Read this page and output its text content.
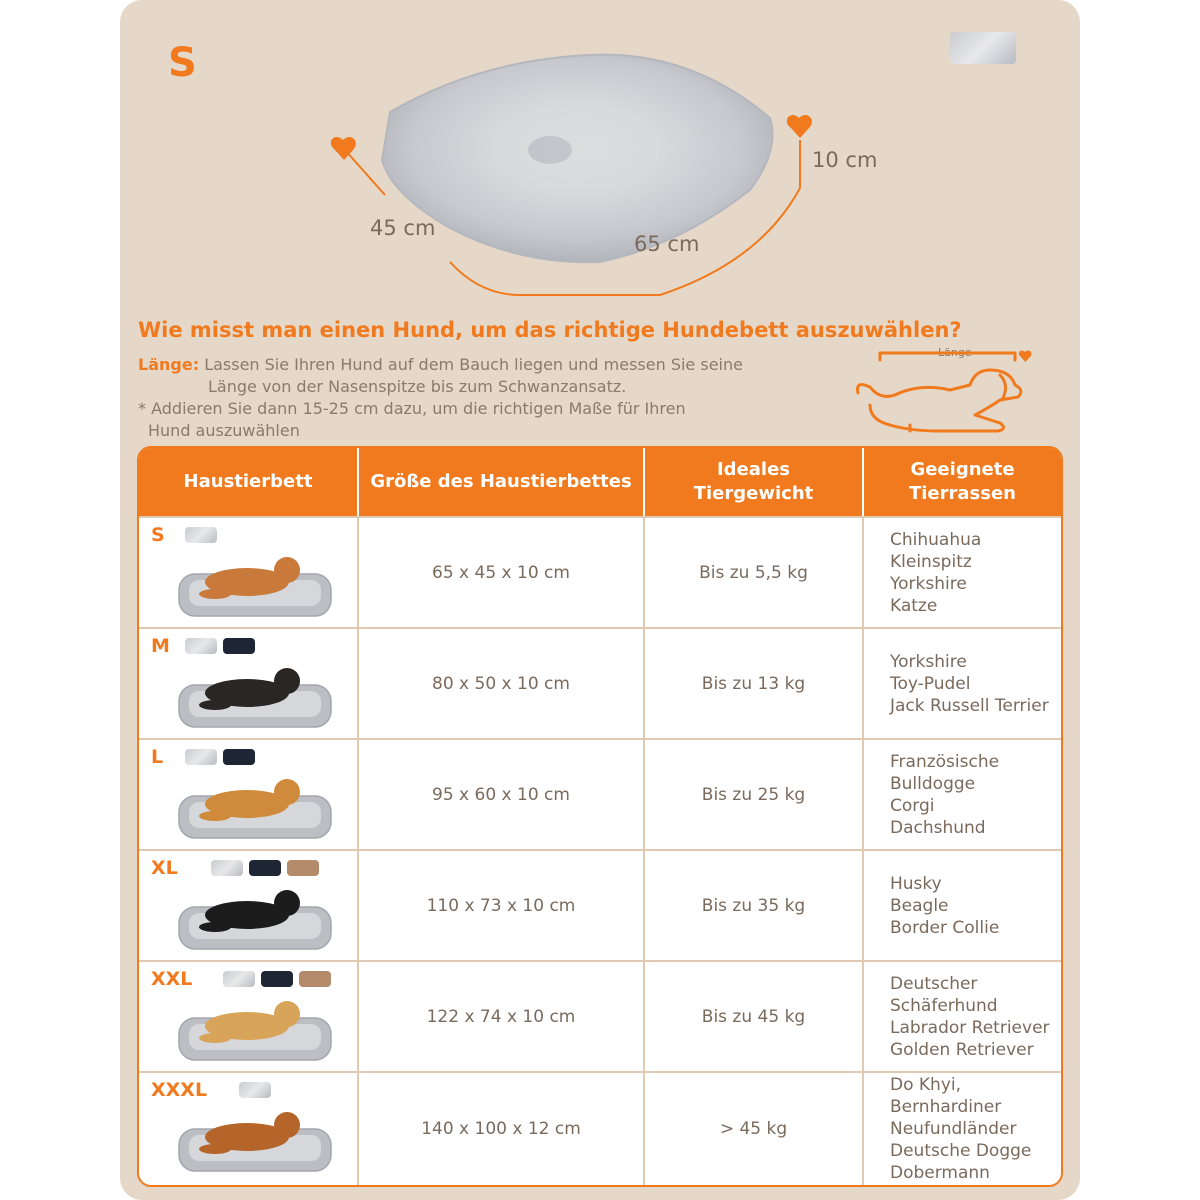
S
45 cm
65 cm
10 cm
Wie misst man einen Hund, um das richtige Hundebett auszuwählen?
Länge: Lassen Sie Ihren Hund auf dem Bauch liegen und messen Sie seine
Länge von der Nasenspitze bis zum Schwanzansatz.
* Addieren Sie dann 15-25 cm dazu, um die richtigen Maße für Ihren
Hund auszuwählen
Länge
Haustierbett	Größe des Haustierbettes	Ideales Tiergewicht	Geeignete Tierrassen

S	65 x 45 x 10 cm	Bis zu 5,5 kg	Chihuahua
Kleinspitz
Yorkshire
Katze

M	80 x 50 x 10 cm	Bis zu 13 kg	Yorkshire
Toy-Pudel
Jack Russell Terrier

L	95 x 60 x 10 cm	Bis zu 25 kg	Französische Bulldogge
Corgi
Dachshund

XL	110 x 73 x 10 cm	Bis zu 35 kg	Husky
Beagle
Border Collie

XXL	122 x 74 x 10 cm	Bis zu 45 kg	Deutscher Schäferhund
Labrador Retriever
Golden Retriever

XXXL	140 x 100 x 12 cm	> 45 kg	Do Khyi, Bernhardiner
Neufundländer
Deutsche Dogge
Dobermann
